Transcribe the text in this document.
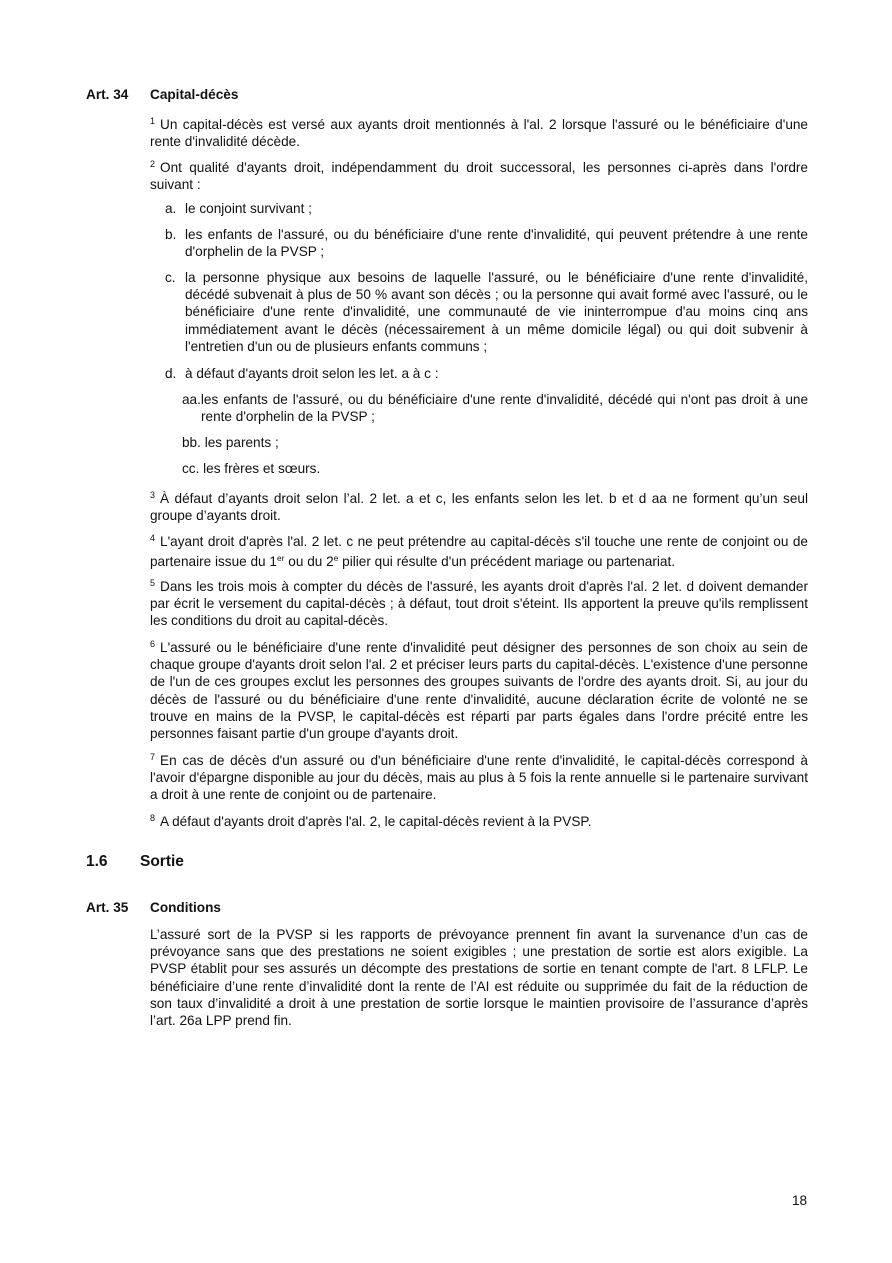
Art. 34 Capital-décès
$^1$ Un capital-décès est versé aux ayants droit mentionnés à l'al. 2 lorsque l'assuré ou le bénéficiaire d'une rente d'invalidité décède.
$^2$ Ont qualité d'ayants droit, indépendamment du droit successoral, les personnes ci-après dans l'ordre suivant :
a. le conjoint survivant ;
b. les enfants de l'assuré, ou du bénéficiaire d'une rente d'invalidité, qui peuvent prétendre à une rente d'orphelin de la PVSP ;
c. la personne physique aux besoins de laquelle l'assuré, ou le bénéficiaire d'une rente d'invalidité, décédé subvenait à plus de 50 % avant son décès ; ou la personne qui avait formé avec l'assuré, ou le bénéficiaire d'une rente d'invalidité, une communauté de vie ininterrompue d'au moins cinq ans immédiatement avant le décès (nécessairement à un même domicile légal) ou qui doit subvenir à l'entretien d'un ou de plusieurs enfants communs ;
d. à défaut d'ayants droit selon les let. a à c :
aa.les enfants de l'assuré, ou du bénéficiaire d'une rente d'invalidité, décédé qui n'ont pas droit à une rente d'orphelin de la PVSP ;
bb. les parents ;
cc. les frères et sœurs.
$^3$ À défaut d’ayants droit selon l’al. 2 let. a et c, les enfants selon les let. b et d aa ne forment qu’un seul groupe d’ayants droit.
$^4$ L'ayant droit d'après l'al. 2 let. c ne peut prétendre au capital-décès s'il touche une rente de conjoint ou de partenaire issue du 1er ou du 2e pilier qui résulte d'un précédent mariage ou partenariat.
$^5$ Dans les trois mois à compter du décès de l'assuré, les ayants droit d'après l'al. 2 let. d doivent demander par écrit le versement du capital-décès ; à défaut, tout droit s'éteint. Ils apportent la preuve qu'ils remplissent les conditions du droit au capital-décès.
$^6$ L'assuré ou le bénéficiaire d'une rente d'invalidité peut désigner des personnes de son choix au sein de chaque groupe d'ayants droit selon l'al. 2 et préciser leurs parts du capital-décès. L'existence d'une personne de l'un de ces groupes exclut les personnes des groupes suivants de l'ordre des ayants droit. Si, au jour du décès de l'assuré ou du bénéficiaire d'une rente d'invalidité, aucune déclaration écrite de volonté ne se trouve en mains de la PVSP, le capital-décès est réparti par parts égales dans l'ordre précité entre les personnes faisant partie d'un groupe d'ayants droit.
$^7$ En cas de décès d'un assuré ou d'un bénéficiaire d'une rente d'invalidité, le capital-décès correspond à l'avoir d'épargne disponible au jour du décès, mais au plus à 5 fois la rente annuelle si le partenaire survivant a droit à une rente de conjoint ou de partenaire.
$^8$ A défaut d'ayants droit d'après l'al. 2, le capital-décès revient à la PVSP.
1.6 Sortie
Art. 35 Conditions
L’assuré sort de la PVSP si les rapports de prévoyance prennent fin avant la survenance d’un cas de prévoyance sans que des prestations ne soient exigibles ; une prestation de sortie est alors exigible. La PVSP établit pour ses assurés un décompte des prestations de sortie en tenant compte de l'art. 8 LFLP. Le bénéficiaire d’une rente d’invalidité dont la rente de l’AI est réduite ou supprimée du fait de la réduction de son taux d’invalidité a droit à une prestation de sortie lorsque le maintien provisoire de l’assurance d’après l’art. 26a LPP prend fin.
18
